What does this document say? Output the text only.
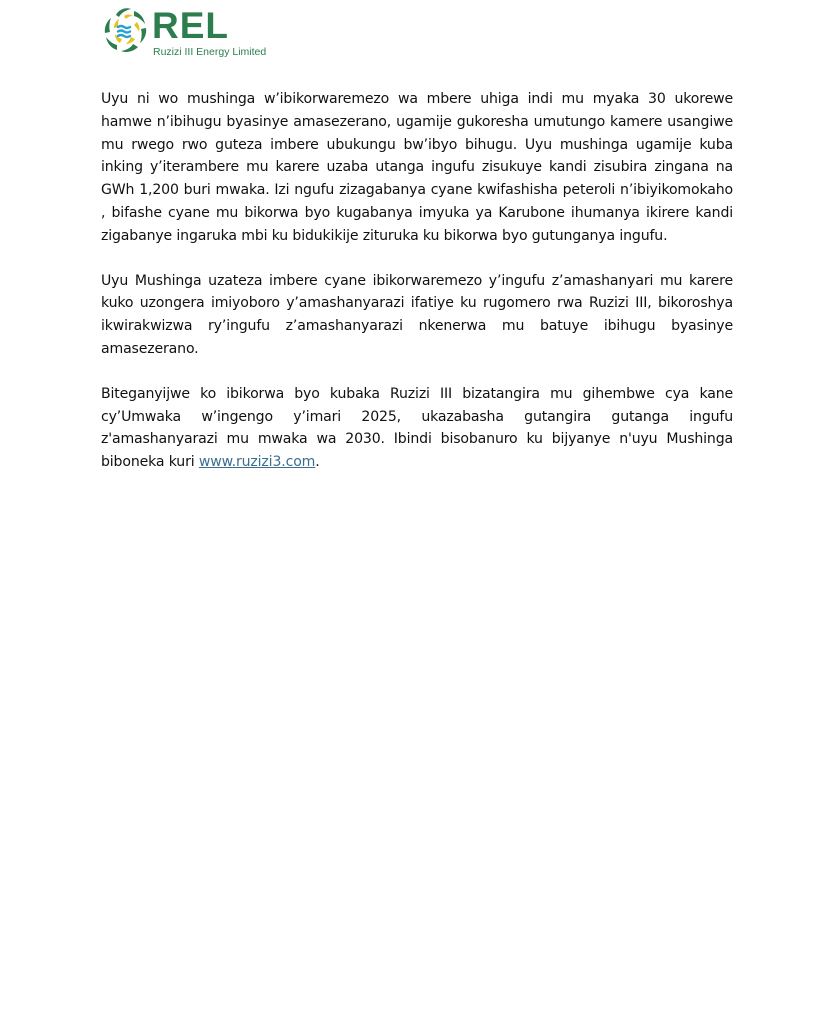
REL
Ruzizi III Energy Limited

Uyu ni wo mushinga w’ibikorwaremezo wa mbere uhiga indi mu myaka 30 ukorewe hamwe n’ibihugu byasinye amasezerano, ugamije gukoresha umutungo kamere usangiwe mu rwego rwo guteza imbere ubukungu bw’ibyo bihugu. Uyu mushinga ugamije kuba inking y’iterambere mu karere uzaba utanga ingufu zisukuye kandi zisubira zingana na GWh 1,200 buri mwaka. Izi ngufu zizagabanya cyane kwifashisha peteroli n’ibiyikomokaho , bifashe cyane mu bikorwa byo kugabanya imyuka ya Karubone ihumanya ikirere kandi zigabanye ingaruka mbi ku bidukikije zituruka ku bikorwa byo gutunganya ingufu.

Uyu Mushinga uzateza imbere cyane ibikorwaremezo y’ingufu z’amashanyari mu karere kuko uzongera imiyoboro y’amashanyarazi ifatiye ku rugomero rwa Ruzizi III, bikoroshya ikwirakwizwa ry’ingufu z’amashanyarazi nkenerwa mu batuye ibihugu byasinye amasezerano.

Biteganyijwe ko ibikorwa byo kubaka Ruzizi III bizatangira mu gihembwe cya kane cy’Umwaka w’ingengo y’imari 2025, ukazabasha gutangira gutanga ingufu z'amashanyarazi mu mwaka wa 2030. Ibindi bisobanuro ku bijyanye n'uyu Mushinga biboneka kuri www.ruzizi3.com.
